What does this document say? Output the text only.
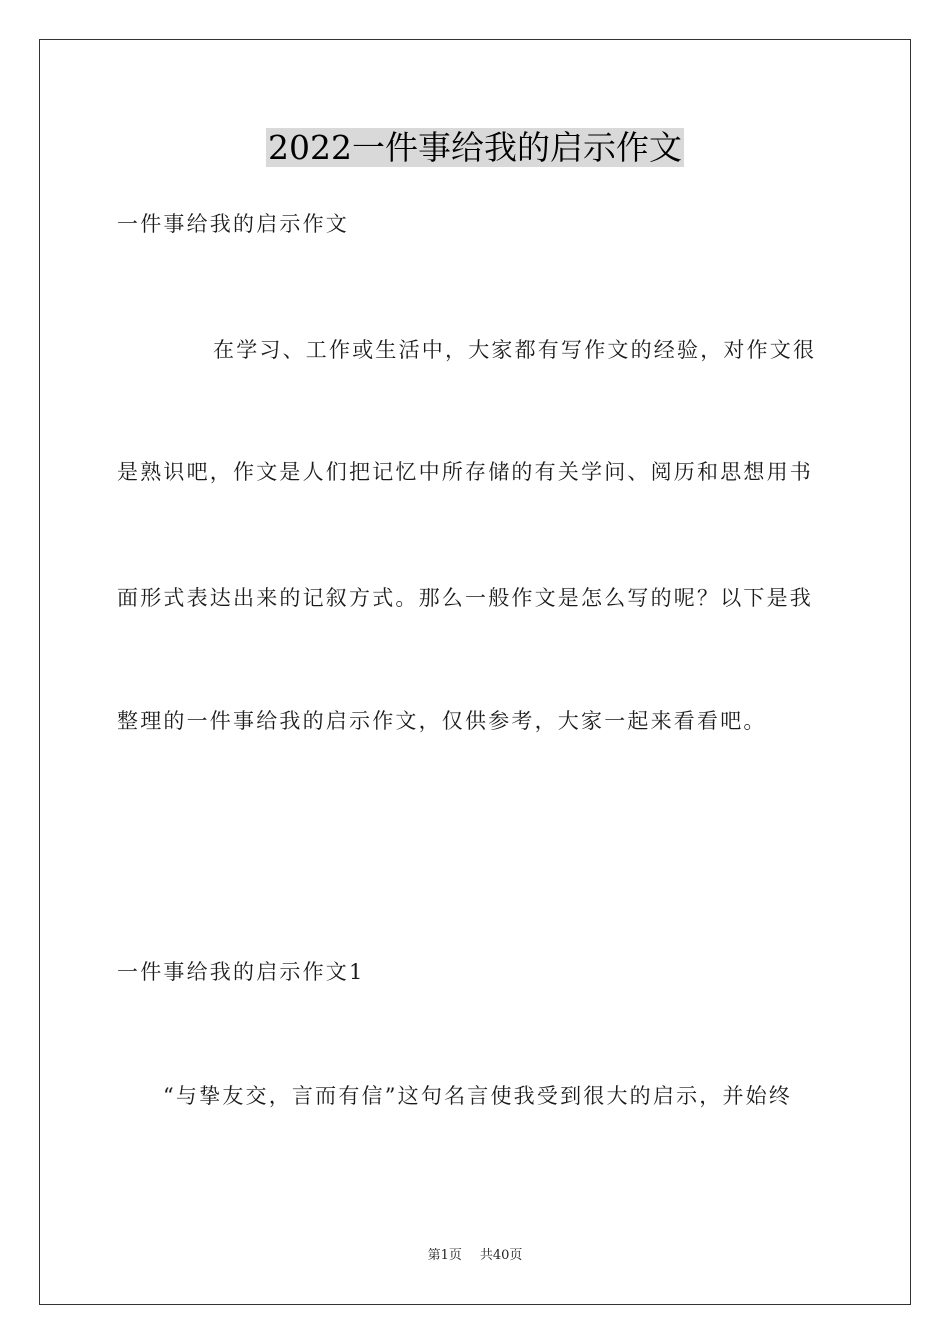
2022一件事给我的启示作文
一件事给我的启示作文
在学习、工作或生活中，大家都有写作文的经验，对作文很
是熟识吧，作文是人们把记忆中所存储的有关学问、阅历和思想用书
面形式表达出来的记叙方式。那么一般作文是怎么写的呢？以下是我
整理的一件事给我的启示作文，仅供参考，大家一起来看看吧。
一件事给我的启示作文1
“与挚友交，言而有信”这句名言使我受到很大的启示，并始终
第1页 共40页
